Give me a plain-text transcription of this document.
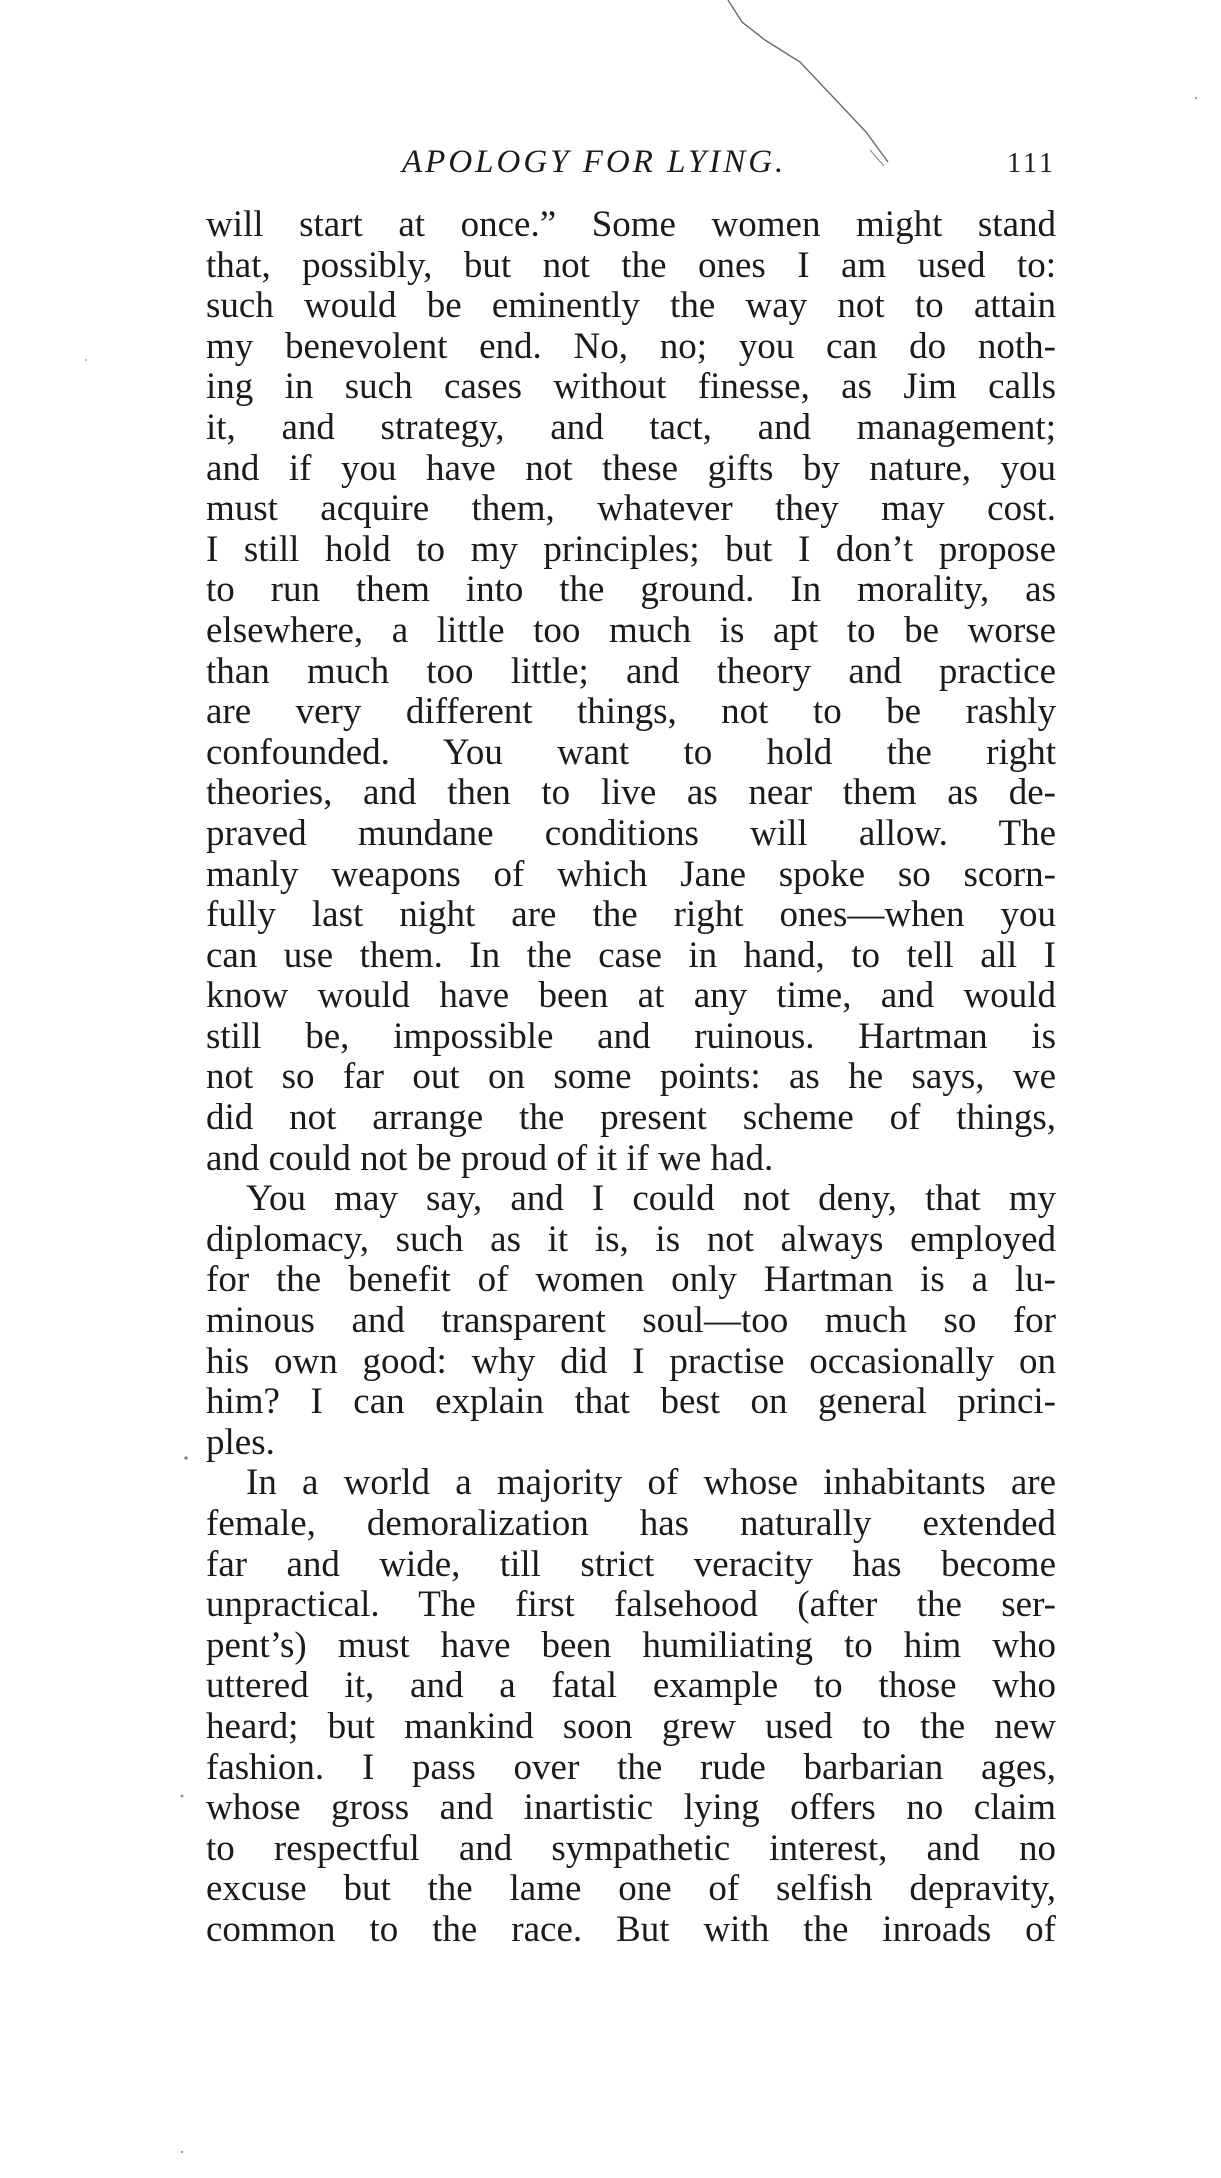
APOLOGY FOR LYING.	111
will start at once.” Some women might stand
that, possibly, but not the ones I am used to:
such would be eminently the way not to attain
my benevolent end. No, no; you can do noth-
ing in such cases without finesse, as Jim calls
it, and strategy, and tact, and management;
and if you have not these gifts by nature, you
must acquire them, whatever they may cost.
I still hold to my principles; but I don’t propose
to run them into the ground. In morality, as
elsewhere, a little too much is apt to be worse
than much too little; and theory and practice
are very different things, not to be rashly
confounded. You want to hold the right
theories, and then to live as near them as de-
praved mundane conditions will allow. The
manly weapons of which Jane spoke so scorn-
fully last night are the right ones—when you
can use them. In the case in hand, to tell all I
know would have been at any time, and would
still be, impossible and ruinous. Hartman is
not so far out on some points: as he says, we
did not arrange the present scheme of things,
and could not be proud of it if we had.
You may say, and I could not deny, that my
diplomacy, such as it is, is not always employed
for the benefit of women only Hartman is a lu-
minous and transparent soul—too much so for
his own good: why did I practise occasionally on
him? I can explain that best on general princi-
ples.
In a world a majority of whose inhabitants are
female, demoralization has naturally extended
far and wide, till strict veracity has become
unpractical. The first falsehood (after the ser-
pent’s) must have been humiliating to him who
uttered it, and a fatal example to those who
heard; but mankind soon grew used to the new
fashion. I pass over the rude barbarian ages,
whose gross and inartistic lying offers no claim
to respectful and sympathetic interest, and no
excuse but the lame one of selfish depravity,
common to the race. But with the inroads of
